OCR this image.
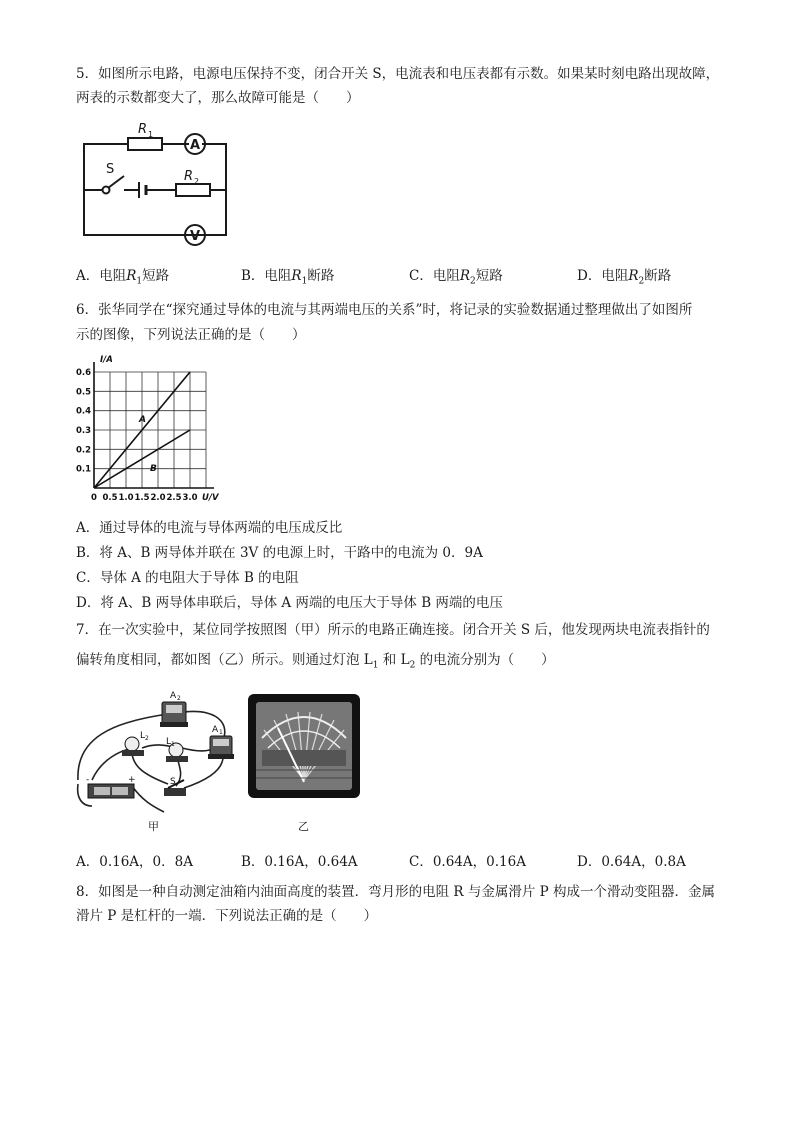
5．如图所示电路，电源电压保持不变，闭合开关 S，电流表和电压表都有示数。如果某时刻电路出现故障，
两表的示数都变大了，那么故障可能是（　　）
R 1
A
V
S	R 2
A．电阻$R_1$短路	B．电阻$R_1$断路	C．电阻$R_2$短路	D．电阻$R_2$断路
6．张华同学在“探究通过导体的电流与其两端电压的关系”时，将记录的实验数据通过整理做出了如图所
示的图像，下列说法正确的是（　　）
0 0.5 1.0 1.5 2.0 2.5 3.0
0.1
0.2
0.3
0.4
0.5
0.6
I/A
U/V
A
B
A．通过导体的电流与导体两端的电压成反比
B．将 A、B 两导体并联在 3V 的电源上时，干路中的电流为 0．9A
C．导体 A 的电阻大于导体 B 的电阻
D．将 A、B 两导体串联后，导体 A 两端的电压大于导体 B 两端的电压
7．在一次实验中，某位同学按照图（甲）所示的电路正确连接。闭合开关 S 后，他发现两块电流表指针的
偏转角度相同，都如图（乙）所示。则通过灯泡 $L_1$ 和 $L_2$ 的电流分别为（　　）
A 2
A 1
L 1
L 2
S
-	+
甲	乙
A．0.16A，0．8A	B．0.16A，0.64A	C．0.64A，0.16A	D．0.64A，0.8A
8．如图是一种自动测定油箱内油面高度的装置．弯月形的电阻 R 与金属滑片 P 构成一个滑动变阻器．金属
滑片 P 是杠杆的一端．下列说法正确的是（　　）
